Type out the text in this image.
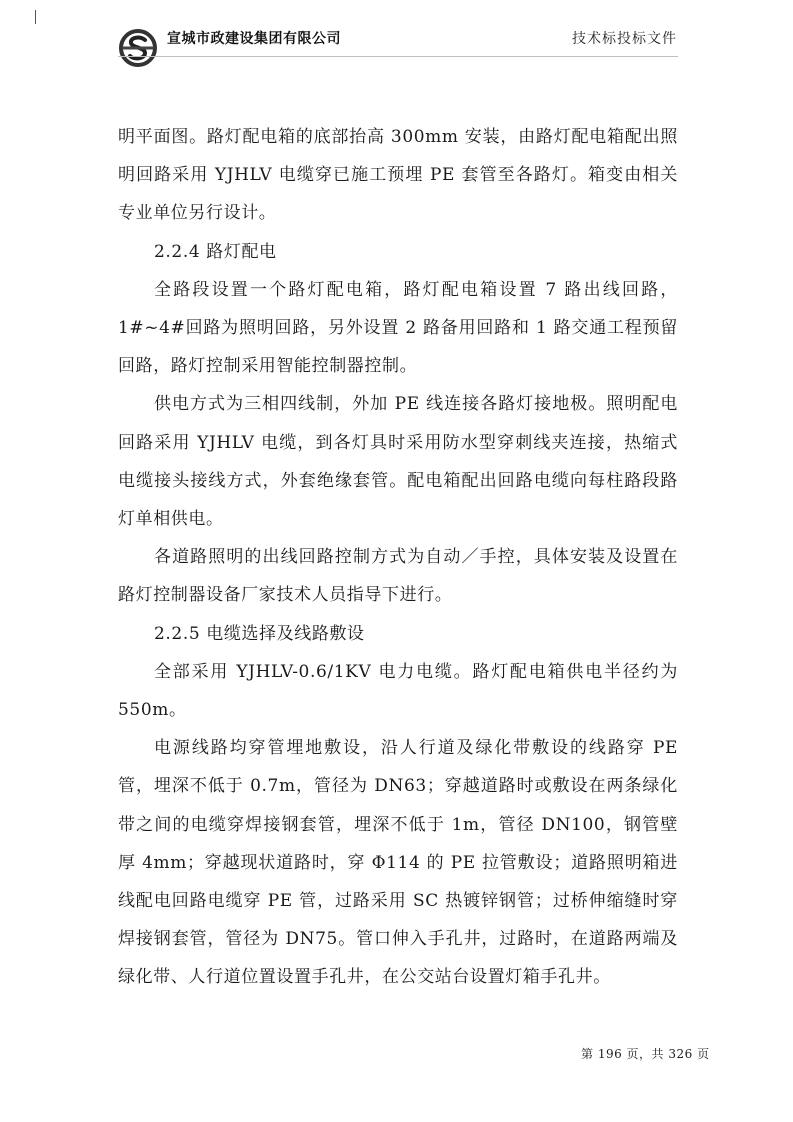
宣城市政建设集团有限公司	技术标投标文件

明平面图。路灯配电箱的底部抬高 300mm 安装，由路灯配电箱配出照明回路采用 YJHLV 电缆穿已施工预埋 PE 套管至各路灯。箱变由相关专业单位另行设计。

2.2.4 路灯配电

全路段设置一个路灯配电箱，路灯配电箱设置 7 路出线回路，1#~4#回路为照明回路，另外设置 2 路备用回路和 1 路交通工程预留回路，路灯控制采用智能控制器控制。

供电方式为三相四线制，外加 PE 线连接各路灯接地极。照明配电回路采用 YJHLV 电缆，到各灯具时采用防水型穿刺线夹连接，热缩式电缆接头接线方式，外套绝缘套管。配电箱配出回路电缆向每柱路段路灯单相供电。

各道路照明的出线回路控制方式为自动／手控，具体安装及设置在路灯控制器设备厂家技术人员指导下进行。

2.2.5 电缆选择及线路敷设

全部采用 YJHLV-0.6/1KV 电力电缆。路灯配电箱供电半径约为 550m。

电源线路均穿管埋地敷设，沿人行道及绿化带敷设的线路穿 PE 管，埋深不低于 0.7m，管径为 DN63；穿越道路时或敷设在两条绿化带之间的电缆穿焊接钢套管，埋深不低于 1m，管径 DN100，钢管壁厚 4mm；穿越现状道路时，穿 Φ114 的 PE 拉管敷设；道路照明箱进线配电回路电缆穿 PE 管，过路采用 SC 热镀锌钢管；过桥伸缩缝时穿焊接钢套管，管径为 DN75。管口伸入手孔井，过路时，在道路两端及绿化带、人行道位置设置手孔井，在公交站台设置灯箱手孔井。

第 196 页，共 326 页
